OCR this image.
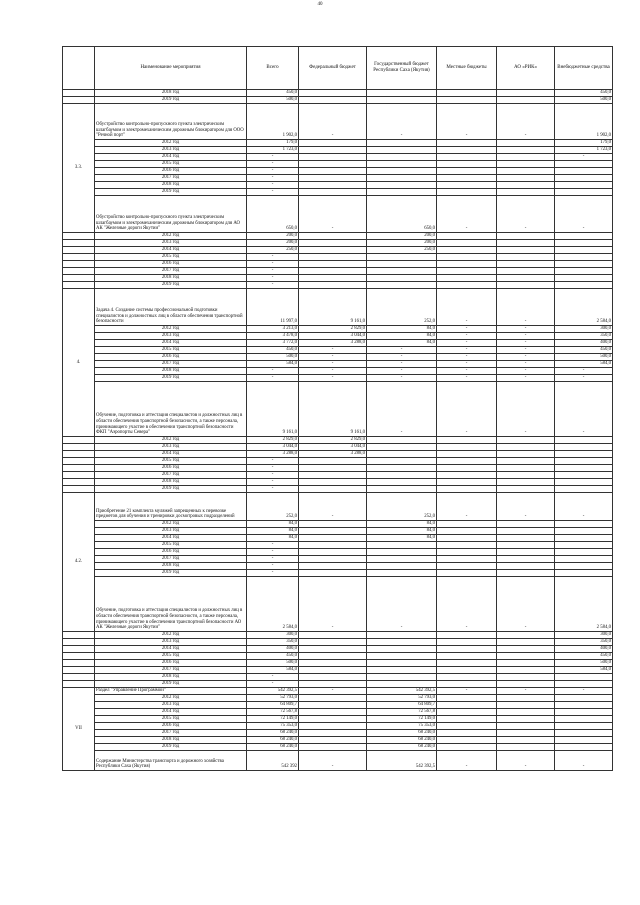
40
	Наименование мероприятия	Всего	Федеральный бюджет	Государственный бюджет Республики Саха (Якутия)	Местные бюджеты	АО «РИК»	Внебюджетные средства
	2018 год	450,0					450,0
	2019 год	500,0					500,0
3.3.	Обустройство контрольно-пропускного пункта электрическим шлагбаумом и электромеханическим дорожным блокиратором для ООО "Речной порт"	1 902,0	-	-	-	-	1 902,0
	2012 год	179,0					179,0
	2013 год	1 723,0					1 723,0
	2014 год	-					-
	2015 год	-					
	2016 год	-					
	2017 год	-					
	2018 год	-					
	2019 год	-					
	Обустройство контрольно-пропускного пункта электрическим шлагбаумом и электромеханическим дорожным блокиратором для АО АК "Железные дороги Якутии"	650,0	-	650,0	-	-	-
	2012 год	200,0		200,0			
	2013 год	200,0		200,0			
	2014 год	250,0		250,0			
	2015 год	-					
	2016 год	-					
	2017 год	-					
	2018 год	-					
	2019 год	-					
4.	Задача 4. Создание системы профессиональной подготовки специалистов и должностных лиц в области обеспечения транспортной безопасности	11 997,0	9 161,0	252,0	-	-	2 584,0
	2012 год	3 213,0	2 829,0	84,0	-	-	300,0
	2013 год	3 478,0	3 044,0	84,0	-	-	350,0
	2014 год	3 772,0	3 288,0	84,0	-	-	400,0
	2015 год	450,0	-	-	-	-	450,0
	2016 год	500,0	-	-	-	-	500,0
	2017 год	584,0	-	-	-	-	584,0
	2018 год	-	-	-	-	-	-
	2019 год	-	-	-	-	-	-
	Обучение, подготовка и аттестация специалистов и должностных лиц в области обеспечения транспортной безопасности, а также персонала, принимающего участие в обеспечении транспортной безопасности ФКП "Аэропорты Севера"	9 161,0	9 161,0	-	-	-	-
	2012 год	2 829,0	2 829,0				
	2013 год	3 044,0	3 044,0				
	2014 год	3 288,0	3 288,0				
	2015 год	-					
	2016 год	-					
	2017 год	-					
	2018 год	-					
	2019 год	-					
4.2.	Приобретение 21 комплекта муляжей запрещенных к перевозке предметов для обучения и тренировки досмотровых подразделений	252,0	-	252,0	-	-	-
	2012 год	84,0		84,0			
	2013 год	84,0		84,0			
	2014 год	84,0		84,0			
	2015 год	-					
	2016 год	-					
	2017 год	-					
	2018 год	-					
	2019 год	-					
	Обучение, подготовка и аттестация специалистов и должностных лиц в области обеспечения транспортной безопасности, а также персонала, принимающего участие в обеспечении транспортной безопасности АО АК "Железные дороги Якутии"	2 584,0	-	-	-	-	2 584,0
	2012 год	300,0					300,0
	2013 год	350,0					350,0
	2014 год	400,0					400,0
	2015 год	450,0					450,0
	2016 год	500,0					500,0
	2017 год	584,0					584,0
	2018 год	-					
	2019 год	-					
VII	Раздел "Управление Программой"	542 392,5	-	542 392,5	-	-	-
	2012 год	52 793,0		52 793,0			
	2013 год	64 809,7		64 809,7			
	2014 год	72 567,8		72 567,8			
	2015 год	72 149,0		72 149,0			
	2016 год	75 353,0		75 353,0			
	2017 год	68 240,0		68 240,0			
	2018 год	68 240,0		68 240,0			
	2019 год	68 240,0		68 240,0			
	Содержание Министерства транспорта и дорожного хозяйства Республики Саха (Якутия)	542 392	-	542 392,5	-	-	-
